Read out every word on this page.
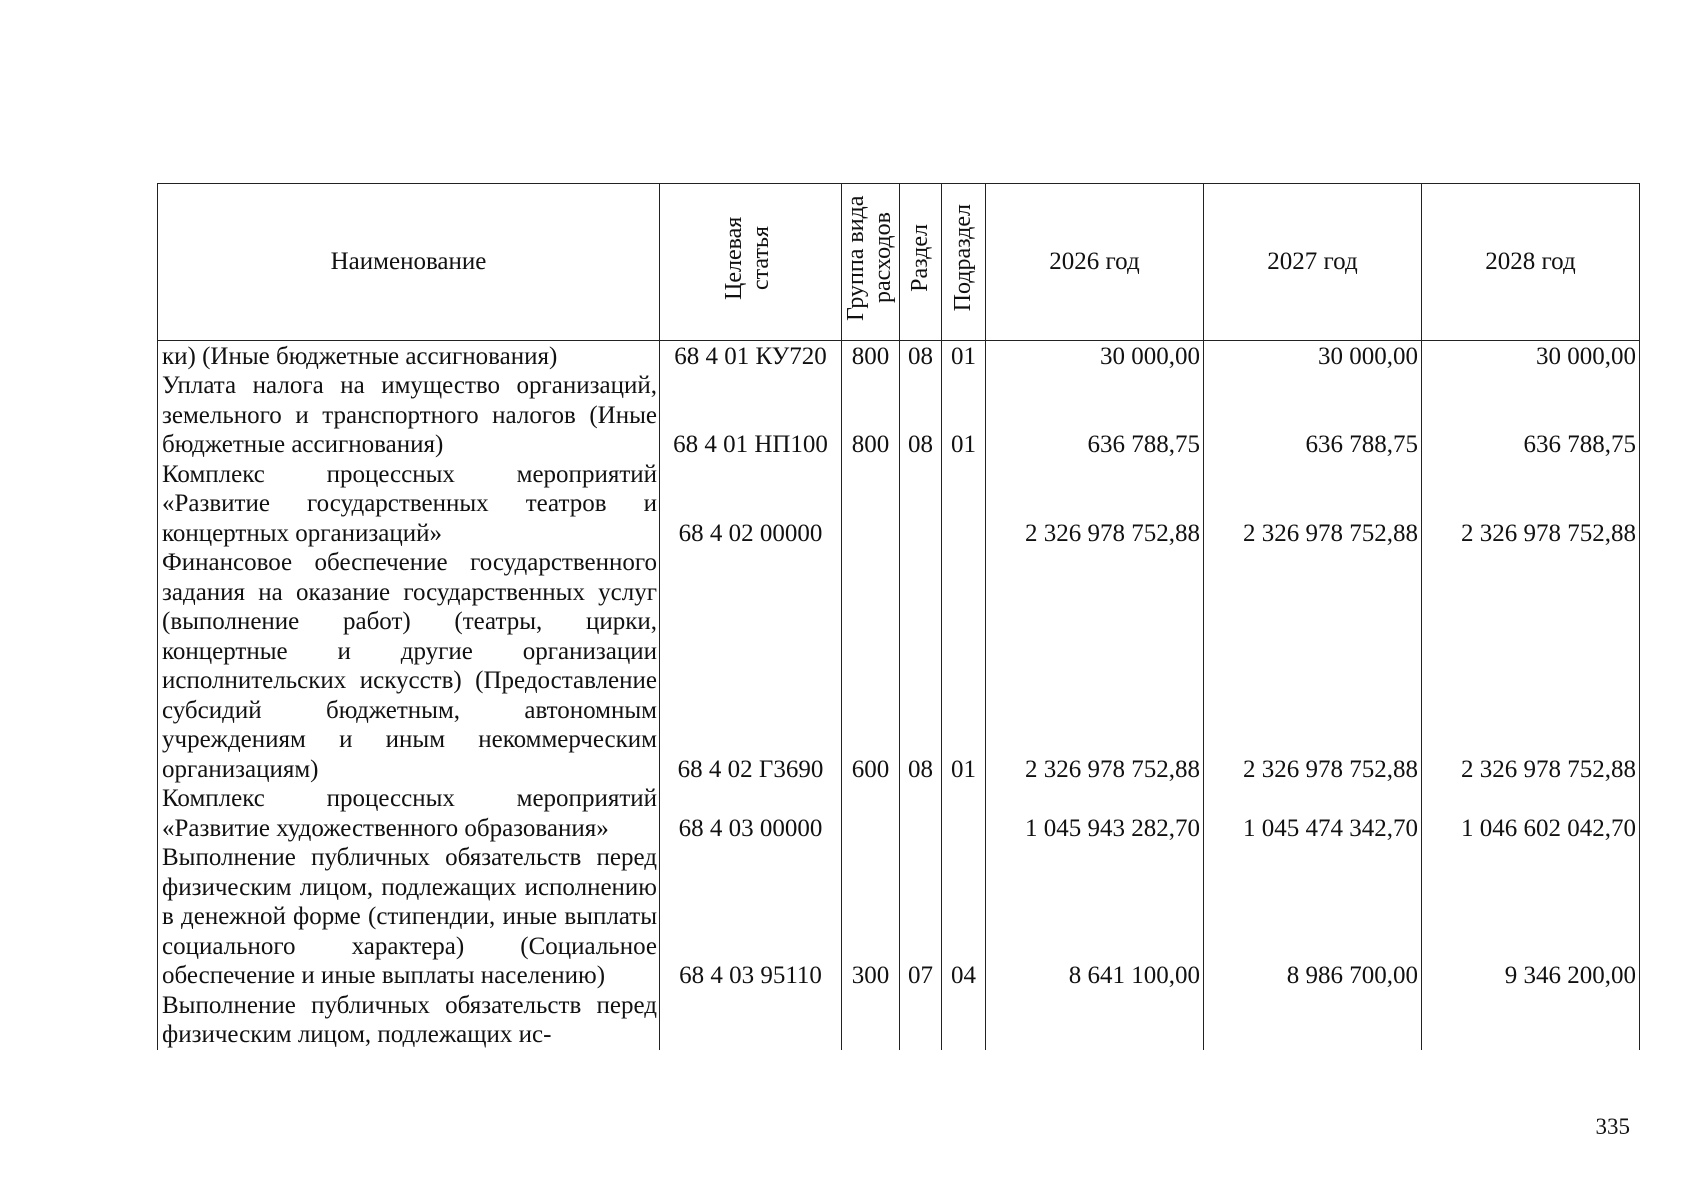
Наименование	Целевая статья	Группа вида расходов	Раздел	Подраздел	2026 год	2027 год	2028 год
ки) (Иные бюджетные ассигнования)	68 4 01 КУ720	800	08	01	30 000,00	30 000,00	30 000,00
Уплата налога на имущество организаций, земельного и транспортного налогов (Иные бюджетные ассигнования)	68 4 01 НП100	800	08	01	636 788,75	636 788,75	636 788,75
Комплекс процессных мероприятий «Развитие государственных театров и концертных организаций»	68 4 02 00000				2 326 978 752,88	2 326 978 752,88	2 326 978 752,88
Финансовое обеспечение государственного задания на оказание государственных услуг (выполнение работ) (театры, цирки, концертные и другие организации исполнительских искусств) (Предоставление субсидий бюджетным, автономным учреждениям и иным некоммерческим организациям)	68 4 02 Г3690	600	08	01	2 326 978 752,88	2 326 978 752,88	2 326 978 752,88
Комплекс процессных мероприятий «Развитие художественного образования»	68 4 03 00000				1 045 943 282,70	1 045 474 342,70	1 046 602 042,70
Выполнение публичных обязательств перед физическим лицом, подлежащих исполнению в денежной форме (стипендии, иные выплаты социального характера) (Социальное обеспечение и иные выплаты населению)	68 4 03 95110	300	07	04	8 641 100,00	8 986 700,00	9 346 200,00
Выполнение публичных обязательств перед физическим лицом, подлежащих ис-							
335
